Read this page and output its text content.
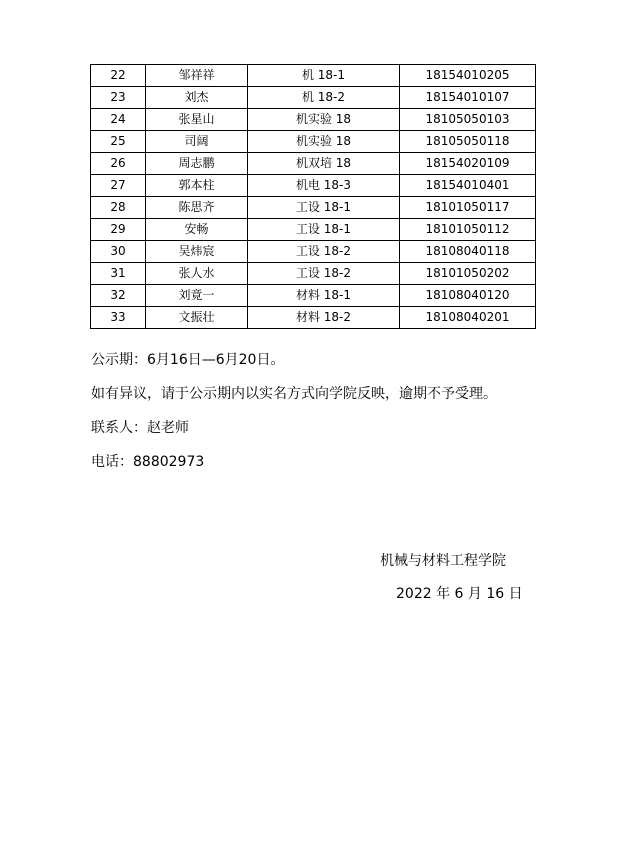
22	邹祥祥	机 18-1	18154010205
23	刘杰	机 18-2	18154010107
24	张星山	机实验 18	18105050103
25	司阔	机实验 18	18105050118
26	周志鹏	机双培 18	18154020109
27	郭本柱	机电 18-3	18154010401
28	陈思齐	工设 18-1	18101050117
29	安畅	工设 18-1	18101050112
30	吴炜宸	工设 18-2	18108040118
31	张人水	工设 18-2	18101050202
32	刘竟一	材料 18-1	18108040120
33	文振壮	材料 18-2	18108040201

公示期：6月16日—6月20日。

如有异议，请于公示期内以实名方式向学院反映，逾期不予受理。

联系人：赵老师

电话：88802973

机械与材料工程学院

2022 年 6 月 16 日
